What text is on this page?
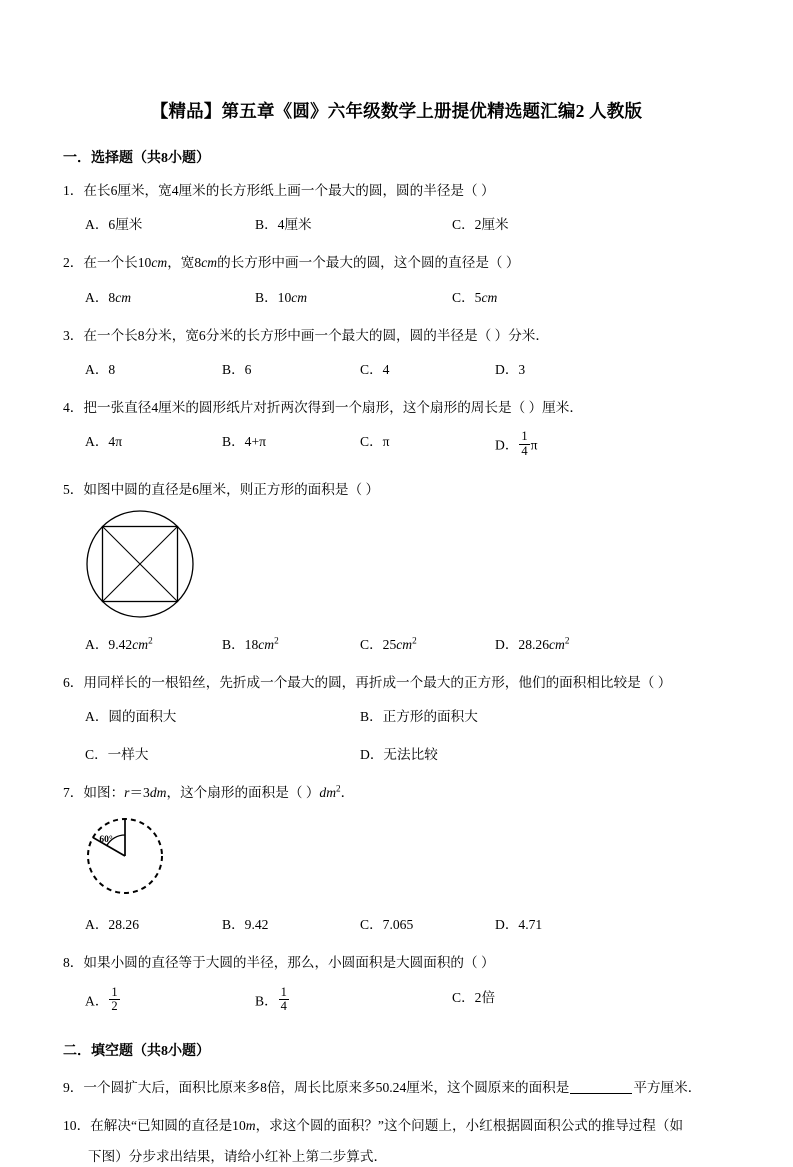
【精品】第五章《圆》六年级数学上册提优精选题汇编2 人教版
一．选择题（共8小题）
1．在长6厘米，宽4厘米的长方形纸上画一个最大的圆，圆的半径是（ ）
A．6厘米	B．4厘米	C．2厘米
2．在一个长10cm，宽8cm的长方形中画一个最大的圆，这个圆的直径是（ ）
A．8cm	B．10cm	C．5cm
3．在一个长8分米，宽6分米的长方形中画一个最大的圆，圆的半径是（ ）分米．
A．8	B．6	C．4	D．3
4．把一张直径4厘米的圆形纸片对折两次得到一个扇形，这个扇形的周长是（ ）厘米．
A．4π	B．4+π	C．π	D． $\frac{1}{4}$ π
5．如图中圆的直径是6厘米，则正方形的面积是（ ）
A．$9.42cm^2$	B．$18cm^2$	C．$25cm^2$	D．$28.26cm^2$
6．用同样长的一根铅丝，先折成一个最大的圆，再折成一个最大的正方形，他们的面积相比较是（ ）
A．圆的面积大	B．正方形的面积大
C．一样大	D．无法比较
7．如图：r＝3dm，这个扇形的面积是（ ）$dm^2$．
60°
A．28.26	B．9.42	C．7.065	D．4.71
8．如果小圆的直径等于大圆的半径，那么，小圆面积是大圆面积的（ ）
A． $\frac{1}{2}$	B． $\frac{1}{4}$	C．2倍
二．填空题（共8小题）
9．一个圆扩大后，面积比原来多8倍，周长比原来多50.24厘米，这个圆原来的面积是	平方厘米．
10．在解决“已知圆的直径是10m，求这个圆的面积？”这个问题上，小红根据圆面积公式的推导过程（如
下图）分步求出结果，请给小红补上第二步算式．
